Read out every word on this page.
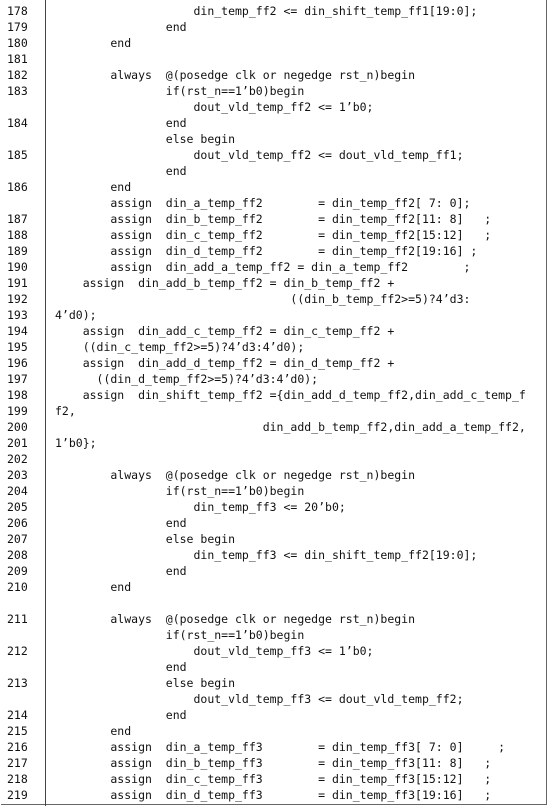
178	din_temp_ff2 <= din_shift_temp_ff1[19:0];
179	end
180	end
181
182	always  @(posedge clk or negedge rst_n)begin
183	if(rst_n==1’b0)begin
dout_vld_temp_ff2 <= 1’b0;
184	end
else begin
185	dout_vld_temp_ff2 <= dout_vld_temp_ff1;
end
186	end
assign  din_a_temp_ff2        = din_temp_ff2[ 7: 0];
187	assign  din_b_temp_ff2        = din_temp_ff2[11: 8]   ;
188	assign  din_c_temp_ff2        = din_temp_ff2[15:12]   ;
189	assign  din_d_temp_ff2        = din_temp_ff2[19:16] ;
190	assign  din_add_a_temp_ff2 = din_a_temp_ff2        ;
191	assign  din_add_b_temp_ff2 = din_b_temp_ff2 +
192	((din_b_temp_ff2>=5)?4’d3:
193	4’d0);
194	assign  din_add_c_temp_ff2 = din_c_temp_ff2 +
195	((din_c_temp_ff2>=5)?4’d3:4’d0);
196	assign  din_add_d_temp_ff2 = din_d_temp_ff2 +
197	((din_d_temp_ff2>=5)?4’d3:4’d0);
198	assign  din_shift_temp_ff2 ={din_add_d_temp_ff2,din_add_c_temp_f
199	f2,
200	din_add_b_temp_ff2,din_add_a_temp_ff2,
201	1’b0};
202
203	always  @(posedge clk or negedge rst_n)begin
204	if(rst_n==1’b0)begin
205	din_temp_ff3 <= 20’b0;
206	end
207	else begin
208	din_temp_ff3 <= din_shift_temp_ff2[19:0];
209	end
210	end
211	always  @(posedge clk or negedge rst_n)begin
if(rst_n==1’b0)begin
212	dout_vld_temp_ff3 <= 1’b0;
end
213	else begin
dout_vld_temp_ff3 <= dout_vld_temp_ff2;
214	end
215	end
216	assign  din_a_temp_ff3        = din_temp_ff3[ 7: 0]     ;
217	assign  din_b_temp_ff3        = din_temp_ff3[11: 8]   ;
218	assign  din_c_temp_ff3        = din_temp_ff3[15:12]   ;
219	assign  din_d_temp_ff3        = din_temp_ff3[19:16]   ;
